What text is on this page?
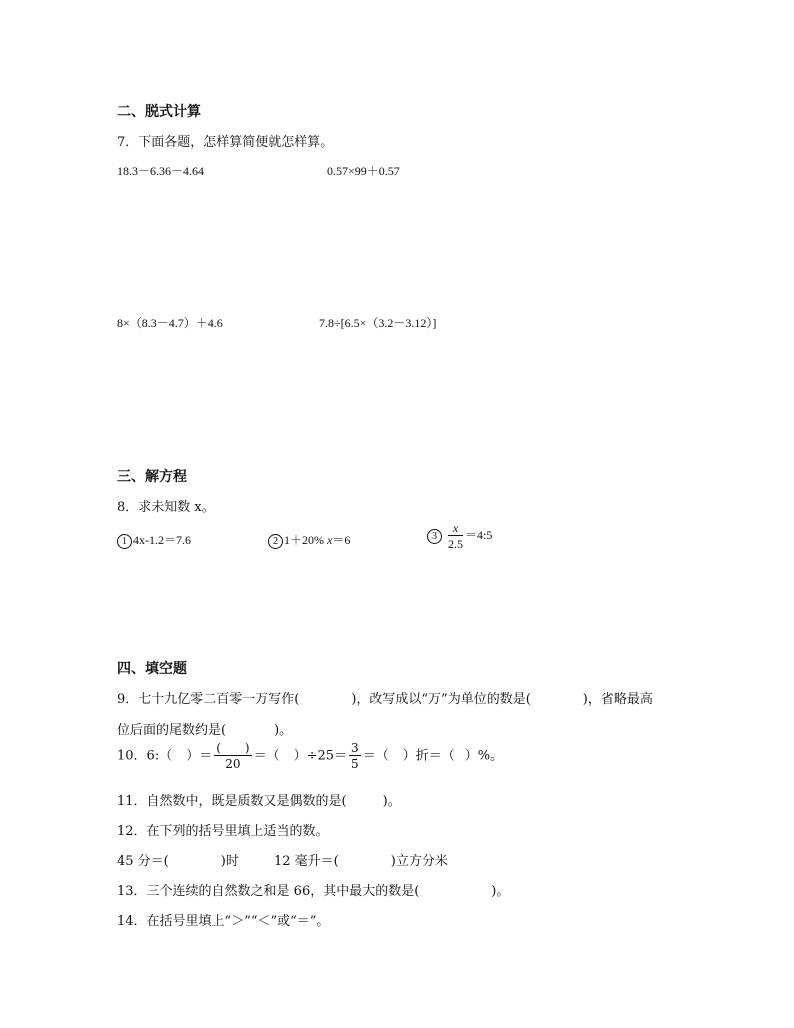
二、脱式计算
7．下面各题，怎样算简便就怎样算。
18.3－6.36－4.64	0.57×99＋0.57
8×（8.3－4.7）＋4.6	7.8÷[6.5×（3.2－3.12）]
三、解方程
8．求未知数 x。
1 4x-1.2＝7.6	2 1＋20% x＝6	$3 \frac{x}{2.5}$ ＝4:5
四、填空题
9．七十九亿零二百零一万写作(	)，改写成以“万”为单位的数是(	)，省略最高
位后面的尾数约是(	)。
10．6:（ ）＝ $\frac{( )}{20}$ ＝（ ）$\div 25= \frac{3}{5}$ ＝（ ）折＝（ ）%。
11．自然数中，既是质数又是偶数的是(	)。
12．在下列的括号里填上适当的数。
45 分＝(	)时	12 毫升＝(	)立方分米
13．三个连续的自然数之和是 66，其中最大的数是(	)。
14．在括号里填上“＞”“＜”或“＝”。
